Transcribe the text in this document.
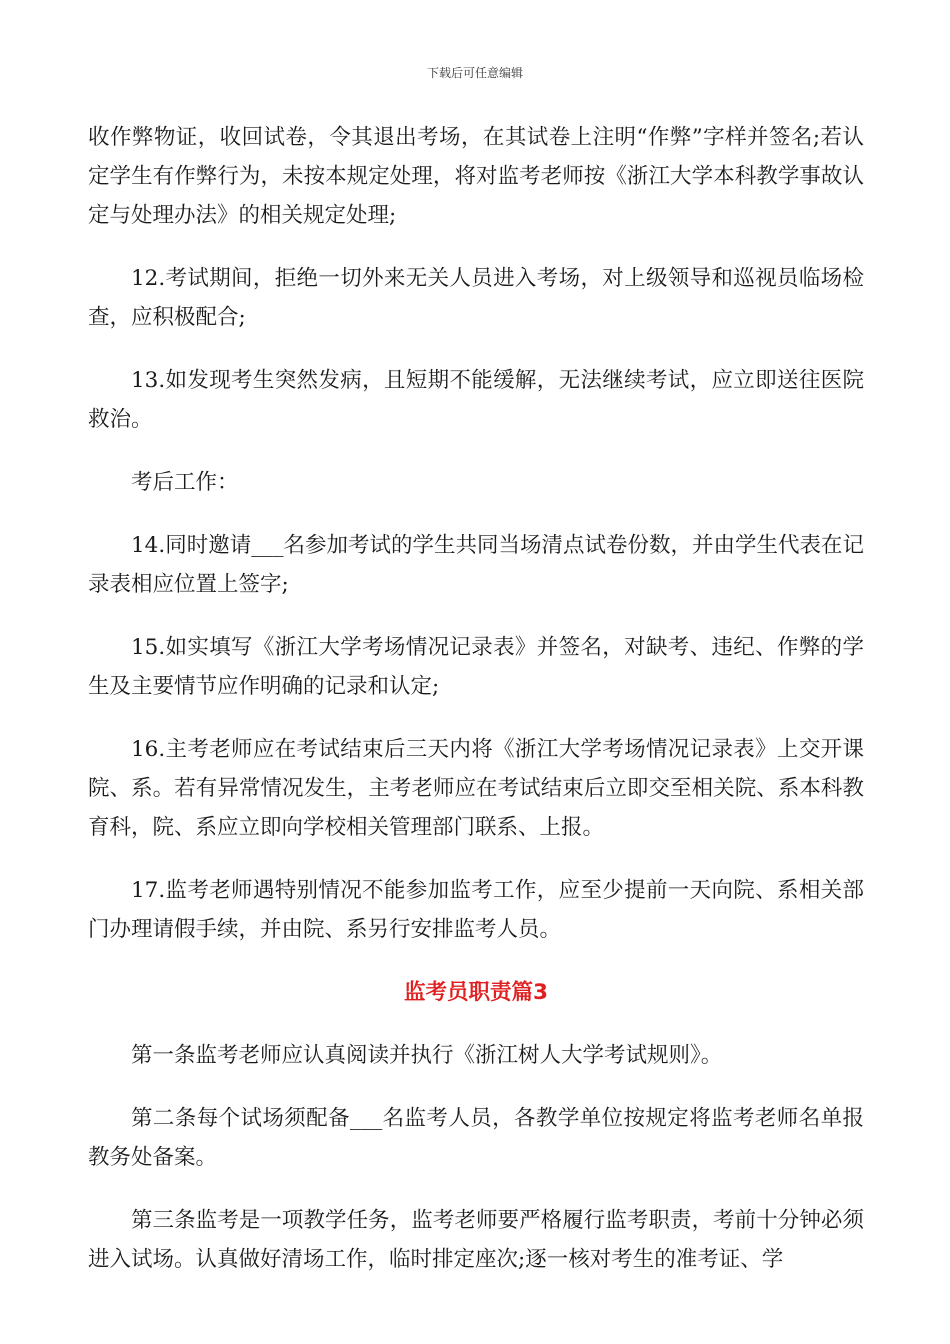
下载后可任意编辑

收作弊物证，收回试卷，令其退出考场，在其试卷上注明“作弊”字样并签名;若认定学生有作弊行为，未按本规定处理，将对监考老师按《浙江大学本科教学事故认定与处理办法》的相关规定处理;

12.考试期间，拒绝一切外来无关人员进入考场，对上级领导和巡视员临场检查，应积极配合;

13.如发现考生突然发病，且短期不能缓解，无法继续考试，应立即送往医院救治。

考后工作：

14.同时邀请___名参加考试的学生共同当场清点试卷份数，并由学生代表在记录表相应位置上签字;

15.如实填写《浙江大学考场情况记录表》并签名，对缺考、违纪、作弊的学生及主要情节应作明确的记录和认定;

16.主考老师应在考试结束后三天内将《浙江大学考场情况记录表》上交开课院、系。若有异常情况发生，主考老师应在考试结束后立即交至相关院、系本科教育科，院、系应立即向学校相关管理部门联系、上报。

17.监考老师遇特别情况不能参加监考工作，应至少提前一天向院、系相关部门办理请假手续，并由院、系另行安排监考人员。

监考员职责篇3

第一条监考老师应认真阅读并执行《浙江树人大学考试规则》。

第二条每个试场须配备___名监考人员，各教学单位按规定将监考老师名单报教务处备案。

第三条监考是一项教学任务，监考老师要严格履行监考职责，考前十分钟必须进入试场。认真做好清场工作，临时排定座次;逐一核对考生的准考证、学
